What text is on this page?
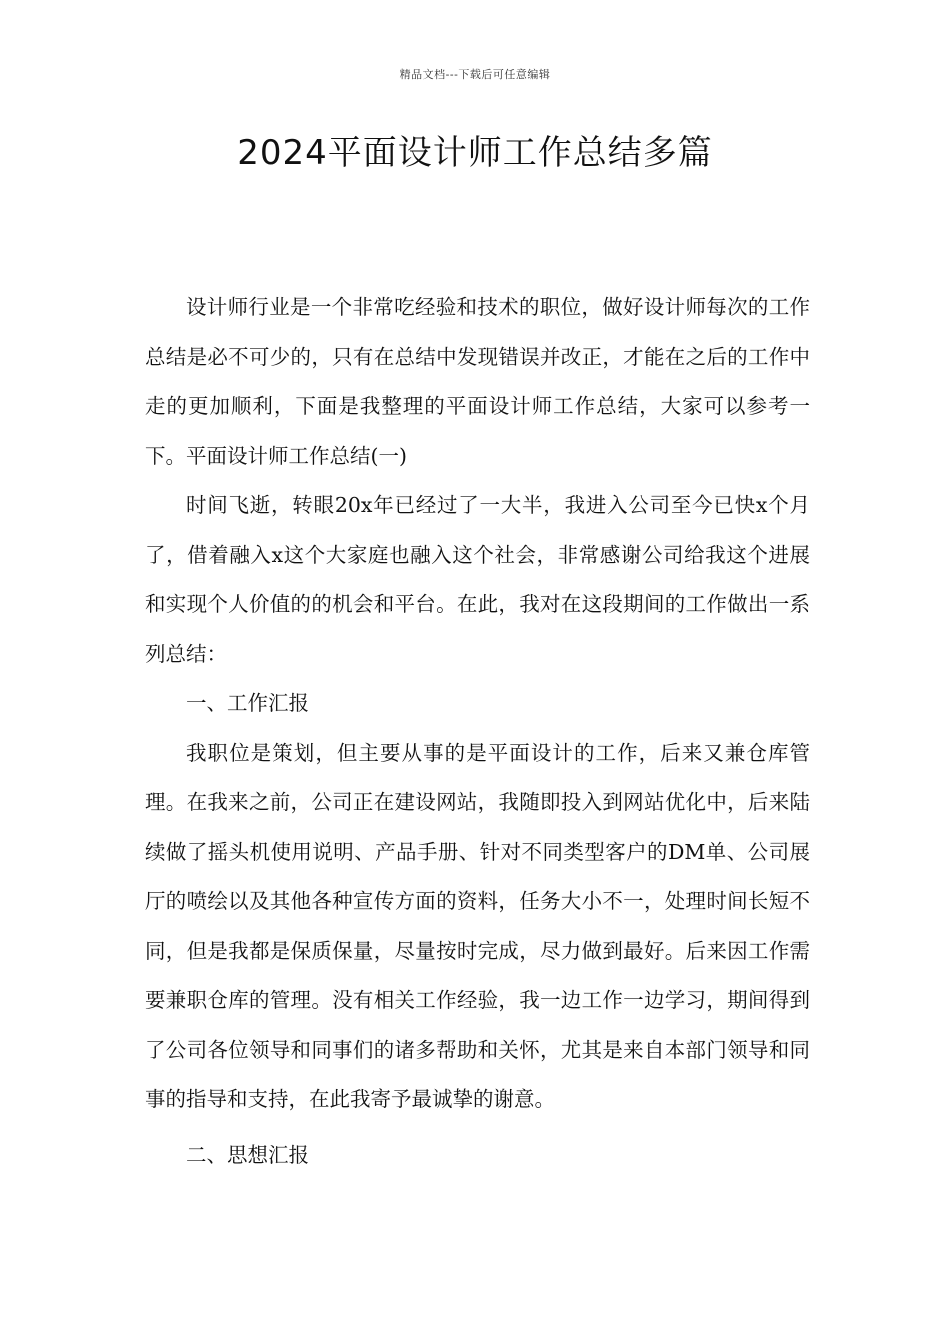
精品文档---下载后可任意编辑
2024平面设计师工作总结多篇

设计师行业是一个非常吃经验和技术的职位，做好设计师每次的工作总结是必不可少的，只有在总结中发现错误并改正，才能在之后的工作中走的更加顺利，下面是我整理的平面设计师工作总结，大家可以参考一下。平面设计师工作总结(一)

时间飞逝，转眼20x年已经过了一大半，我进入公司至今已快x个月了，借着融入x这个大家庭也融入这个社会，非常感谢公司给我这个进展和实现个人价值的的机会和平台。在此，我对在这段期间的工作做出一系列总结：

一、工作汇报

我职位是策划，但主要从事的是平面设计的工作，后来又兼仓库管理。在我来之前，公司正在建设网站，我随即投入到网站优化中，后来陆续做了摇头机使用说明、产品手册、针对不同类型客户的DM单、公司展厅的喷绘以及其他各种宣传方面的资料，任务大小不一，处理时间长短不同，但是我都是保质保量，尽量按时完成，尽力做到最好。后来因工作需要兼职仓库的管理。没有相关工作经验，我一边工作一边学习，期间得到了公司各位领导和同事们的诸多帮助和关怀，尤其是来自本部门领导和同事的指导和支持，在此我寄予最诚挚的谢意。

二、思想汇报
